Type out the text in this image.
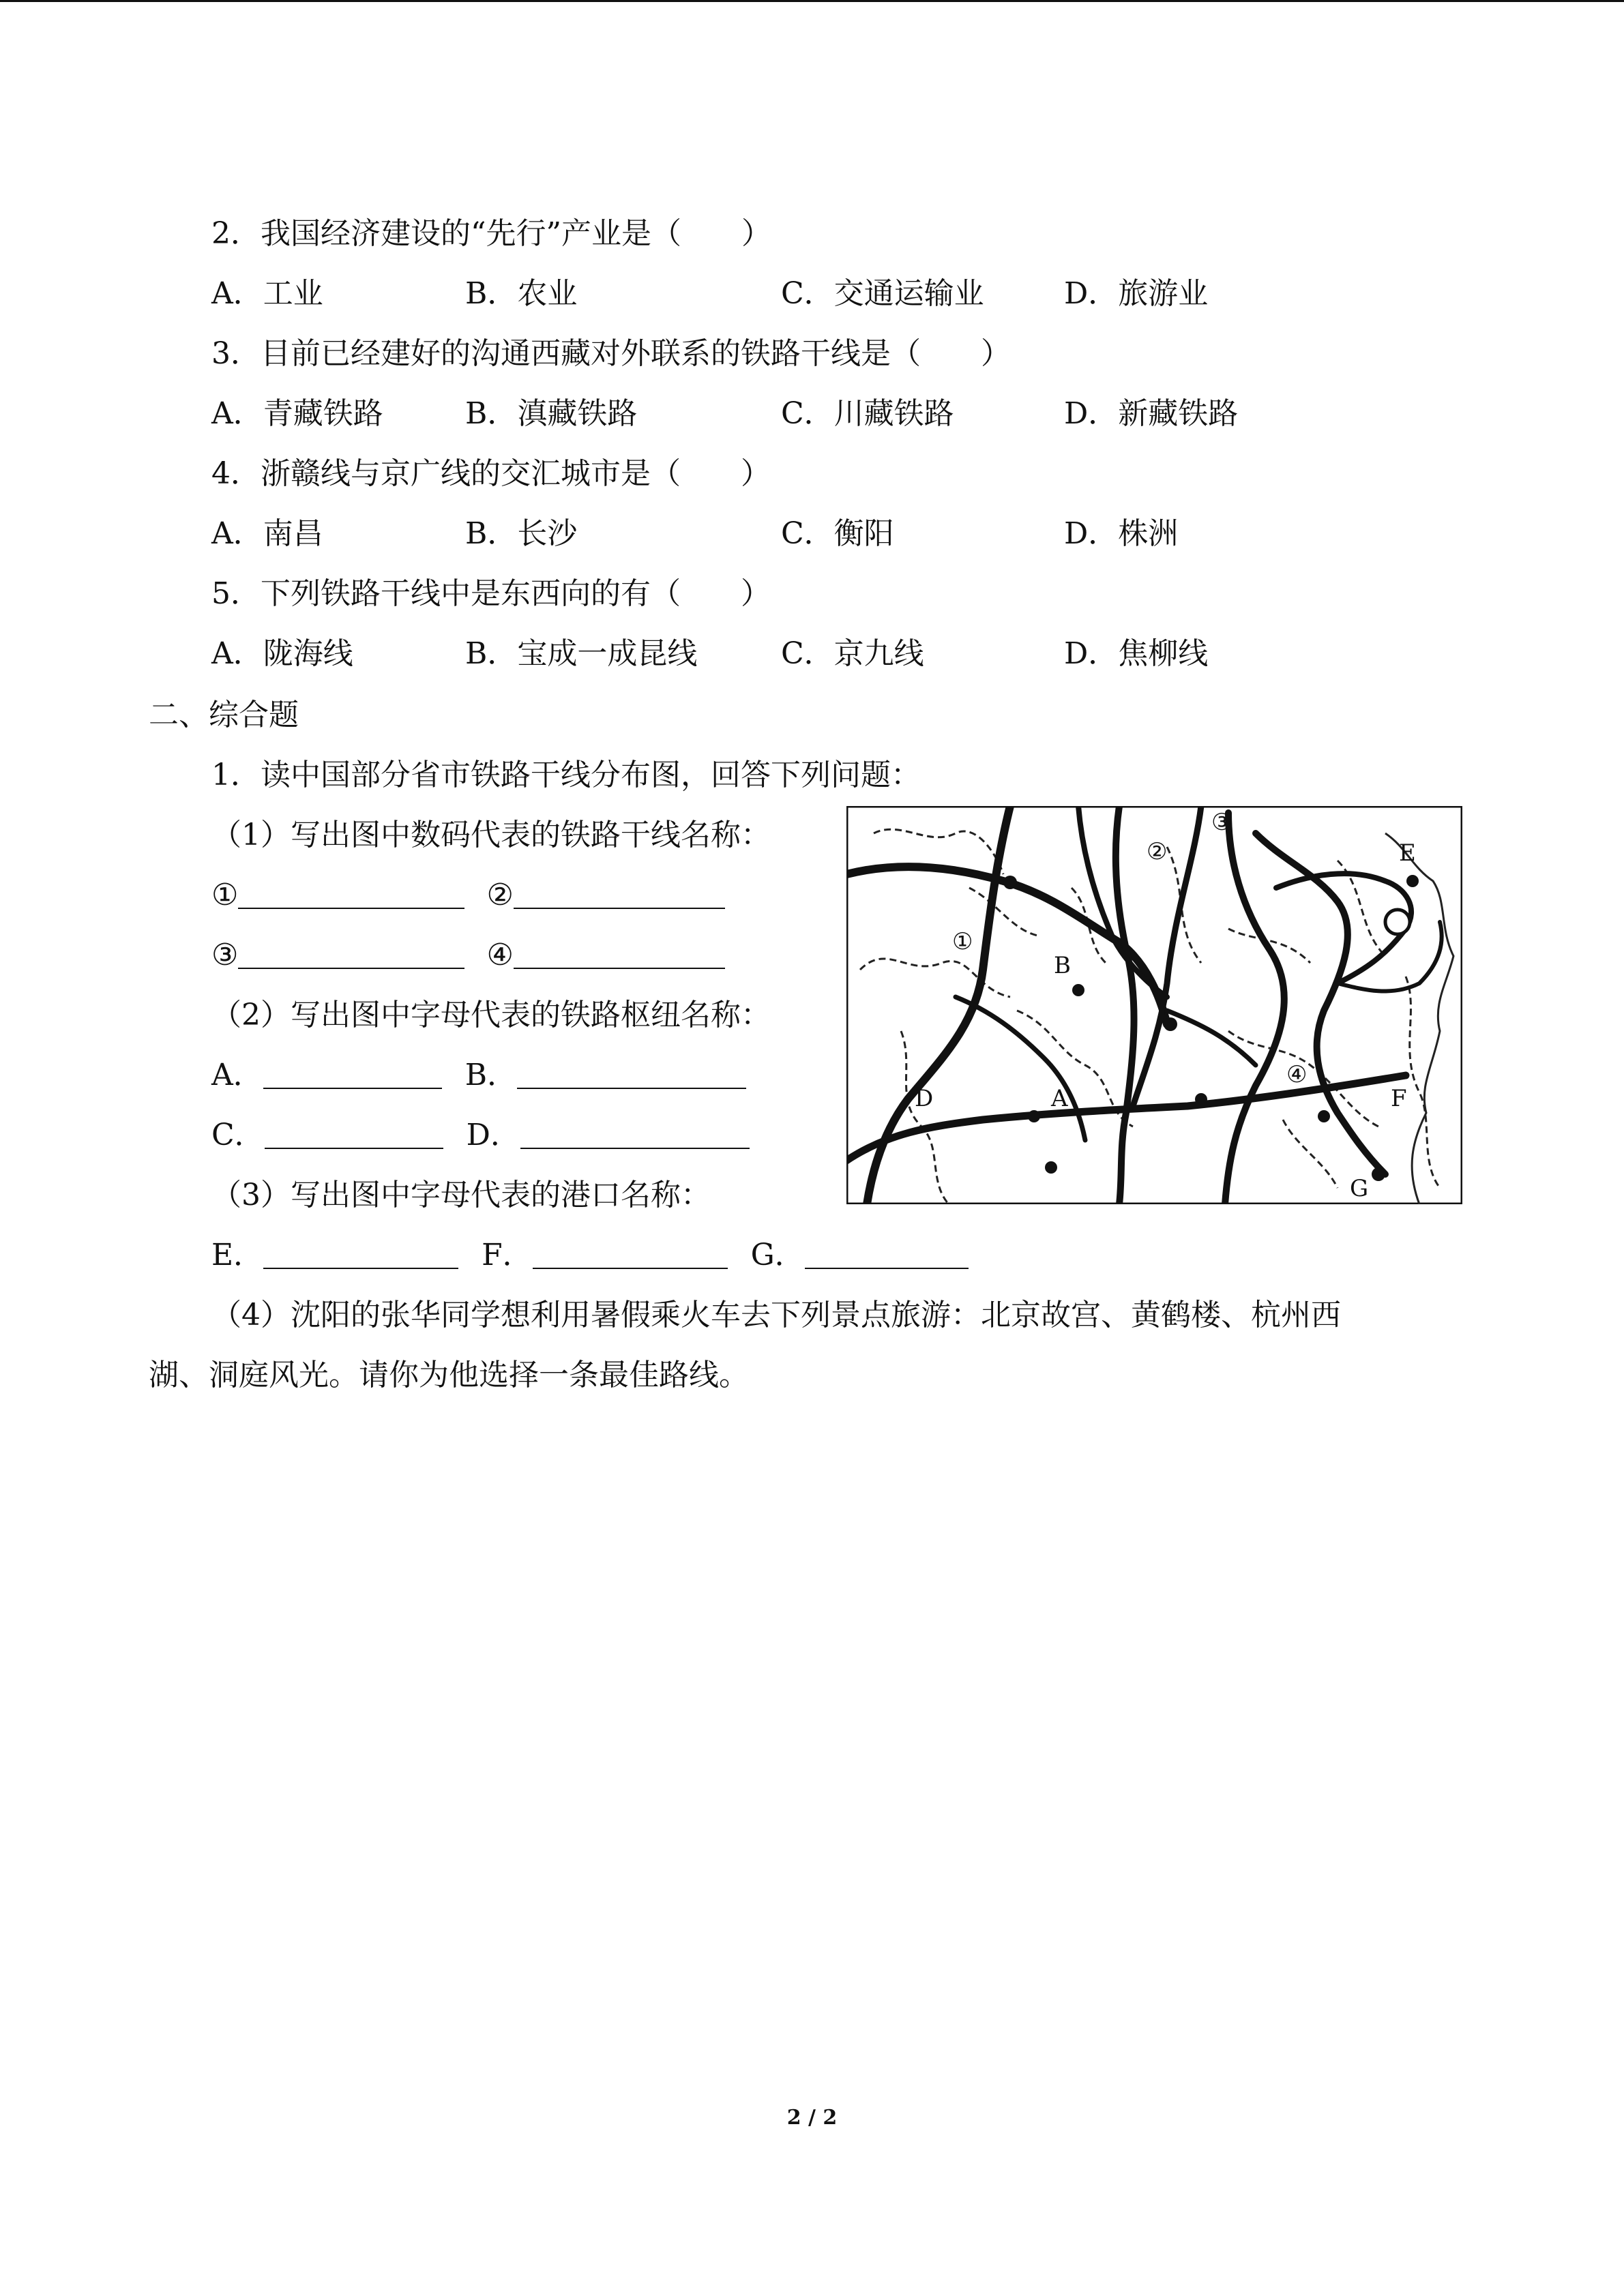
2．我国经济建设的“先行”产业是（　　）
A．工业	B．农业	C．交通运输业	D．旅游业
3．目前已经建好的沟通西藏对外联系的铁路干线是（　　）
A．青藏铁路	B．滇藏铁路	C．川藏铁路	D．新藏铁路
4．浙赣线与京广线的交汇城市是（　　）
A．南昌	B．长沙	C．衡阳	D．株洲
5．下列铁路干线中是东西向的有（　　）
A．陇海线	B．宝成一成昆线	C．京九线	D．焦柳线
二、综合题
1．读中国部分省市铁路干线分布图，回答下列问题：
（1）写出图中数码代表的铁路干线名称：
①	②
③	④
（2）写出图中字母代表的铁路枢纽名称：
A．	B．
C．	D．
（3）写出图中字母代表的港口名称：
E．	F．	G．
（4）沈阳的张华同学想利用暑假乘火车去下列景点旅游：北京故宫、黄鹤楼、杭州西
湖、洞庭风光。请你为他选择一条最佳路线。
①
②
③
④
A
B
D
E
F
G
2 / 2
